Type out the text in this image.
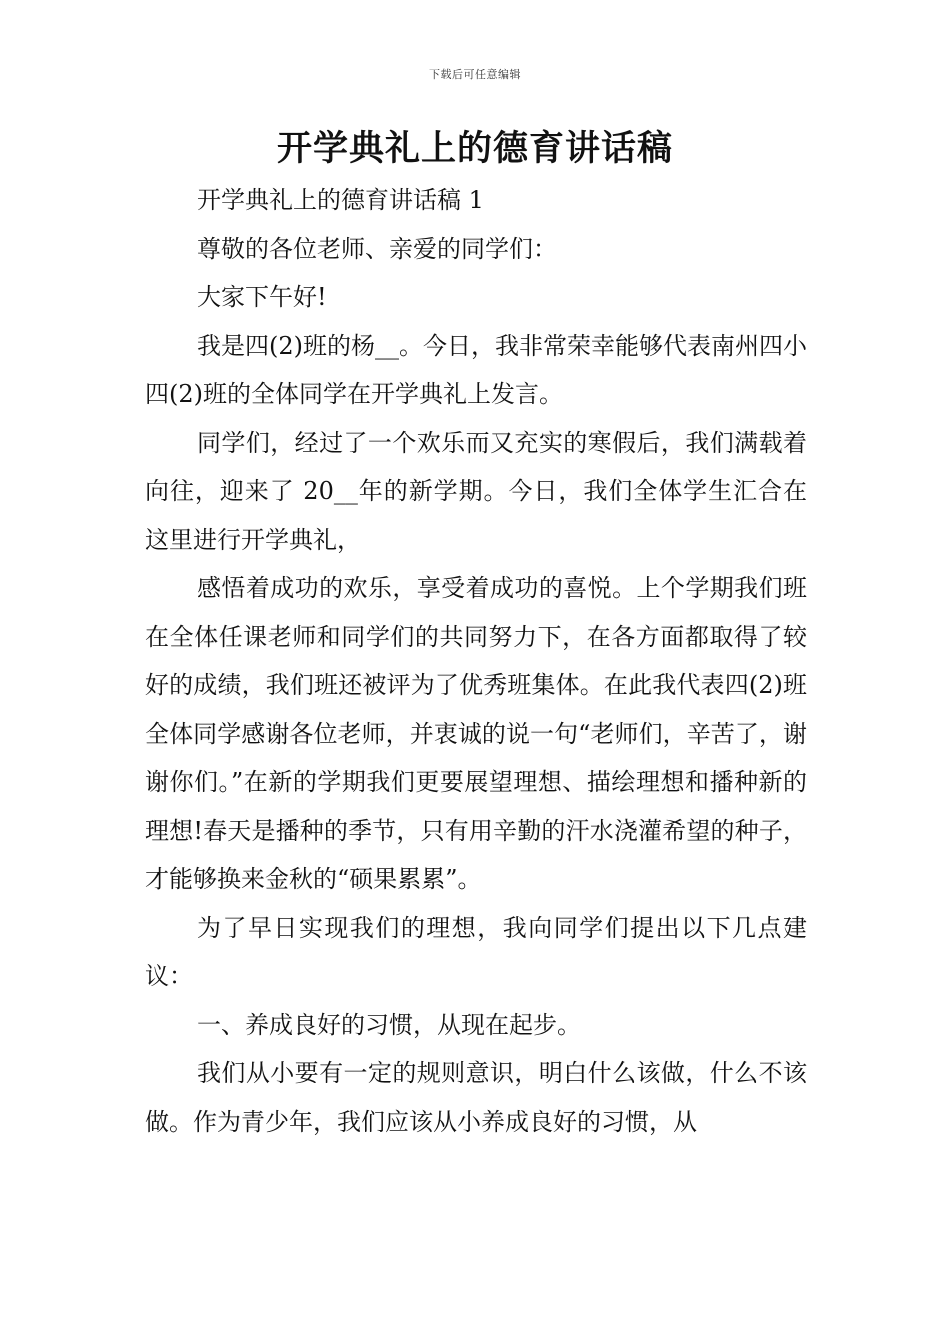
下载后可任意编辑
开学典礼上的德育讲话稿

开学典礼上的德育讲话稿 1

尊敬的各位老师、亲爱的同学们：

大家下午好!

我是四(2)班的杨__。今日，我非常荣幸能够代表南州四小四(2)班的全体同学在开学典礼上发言。

同学们，经过了一个欢乐而又充实的寒假后，我们满载着向往，迎来了 20__年的新学期。今日，我们全体学生汇合在这里进行开学典礼，

感悟着成功的欢乐，享受着成功的喜悦。上个学期我们班在全体任课老师和同学们的共同努力下，在各方面都取得了较好的成绩，我们班还被评为了优秀班集体。在此我代表四(2)班全体同学感谢各位老师，并衷诚的说一句“老师们，辛苦了，谢谢你们。”在新的学期我们更要展望理想、描绘理想和播种新的理想!春天是播种的季节，只有用辛勤的汗水浇灌希望的种子，才能够换来金秋的“硕果累累”。

为了早日实现我们的理想，我向同学们提出以下几点建议：

一、养成良好的习惯，从现在起步。

我们从小要有一定的规则意识，明白什么该做，什么不该做。作为青少年，我们应该从小养成良好的习惯，从
